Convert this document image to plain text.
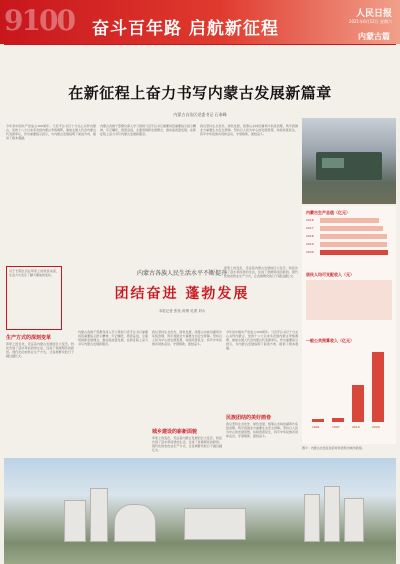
9100 奋斗百年路 启航新征程
人民日报
2021年6月12日 星期六
内蒙古篇
在新征程上奋力书写内蒙古发展新篇章
内蒙古自治区党委书记 石泰峰
今年是中国共产党成立100周年。习近平总书记十分关心关怀内蒙古，党的十八大以来多次到内蒙古考察调研，参加全国人代会内蒙古代表团审议，作出重要指示批示，为内蒙古发展指明了前进方向、提供了根本遵循。
内蒙古各族干部群众深入学习贯彻习近平总书记重要讲话重要指示批示精神，牢记嘱托，感恩奋进，全面贯彻新发展理念，推动高质量发展，在新征程上奋力书写内蒙古发展新篇章。
我们坚持生态优先、绿色发展，统筹山水林田湖草沙系统治理，筑牢我国北方重要生态安全屏障。坚持以人民为中心的发展思想，持续改善民生，铸牢中华民族共同体意识，守望相助，团结奋斗。
内蒙古生产总值（亿元）
2016
2017
2018
2019
2020
居民人均可支配收入（元）
一般公共预算收入（亿元）
1991	1997	2010	2020
对于长期生活在草原上的牧民来说，生活方式发生了翻天覆地的变化。	内蒙古各族人民生活水平不断提升
团结奋进 蓬勃发展
本报记者 张枨 蒋博 吴勇 刘永
草原上的变化，见证着内蒙古发展的巨大变迁。牧民告别了逐水草而居的生活，住进了宽敞明亮的新居。现代化的农牧业生产方式，让各族群众的日子越过越红火。
生产方式的深刻变革
草原上的变化，见证着内蒙古发展的巨大变迁。牧民告别了逐水草而居的生活，住进了宽敞明亮的新居。现代化的农牧业生产方式，让各族群众的日子越过越红火。
内蒙古各族干部群众深入学习贯彻习近平总书记重要讲话重要指示批示精神，牢记嘱托，感恩奋进，全面贯彻新发展理念，推动高质量发展，在新征程上奋力书写内蒙古发展新篇章。
我们坚持生态优先、绿色发展，统筹山水林田湖草沙系统治理，筑牢我国北方重要生态安全屏障。坚持以人民为中心的发展思想，持续改善民生，铸牢中华民族共同体意识，守望相助，团结奋斗。
城乡建设的崭新面貌
草原上的变化，见证着内蒙古发展的巨大变迁。牧民告别了逐水草而居的生活，住进了宽敞明亮的新居。现代化的农牧业生产方式，让各族群众的日子越过越红火。
今年是中国共产党成立100周年。习近平总书记十分关心关怀内蒙古，党的十八大以来多次到内蒙古考察调研，参加全国人代会内蒙古代表团审议，作出重要指示批示，为内蒙古发展指明了前进方向、提供了根本遵循。
民族团结的美好画卷
我们坚持生态优先、绿色发展，统筹山水林田湖草沙系统治理，筑牢我国北方重要生态安全屏障。坚持以人民为中心的发展思想，持续改善民生，铸牢中华民族共同体意识，守望相助，团结奋斗。
图①：内蒙古自治区首府呼和浩特市城市新貌。
